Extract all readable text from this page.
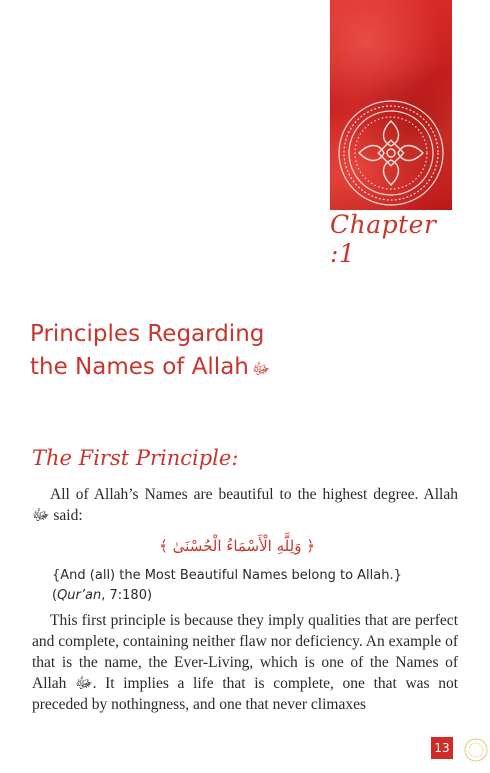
Chapter :1
Principles Regarding
the Names of Allah ﷻ
The First Principle:

All of Allah’s Names are beautiful to the highest degree. Allah ﷻ said:

﴿ وَلِلَّهِ الْأَسْمَاءُ الْحُسْنَىٰ ﴾

{And (all) the Most Beautiful Names belong to Allah.} (Qur’an, 7:180)

This first principle is because they imply qualities that are perfect and complete, containing neither flaw nor deficiency. An example of that is the name, the Ever-Living, which is one of the Names of Allah ﷻ. It implies a life that is complete, one that was not preceded by nothingness, and one that never climaxes

13
